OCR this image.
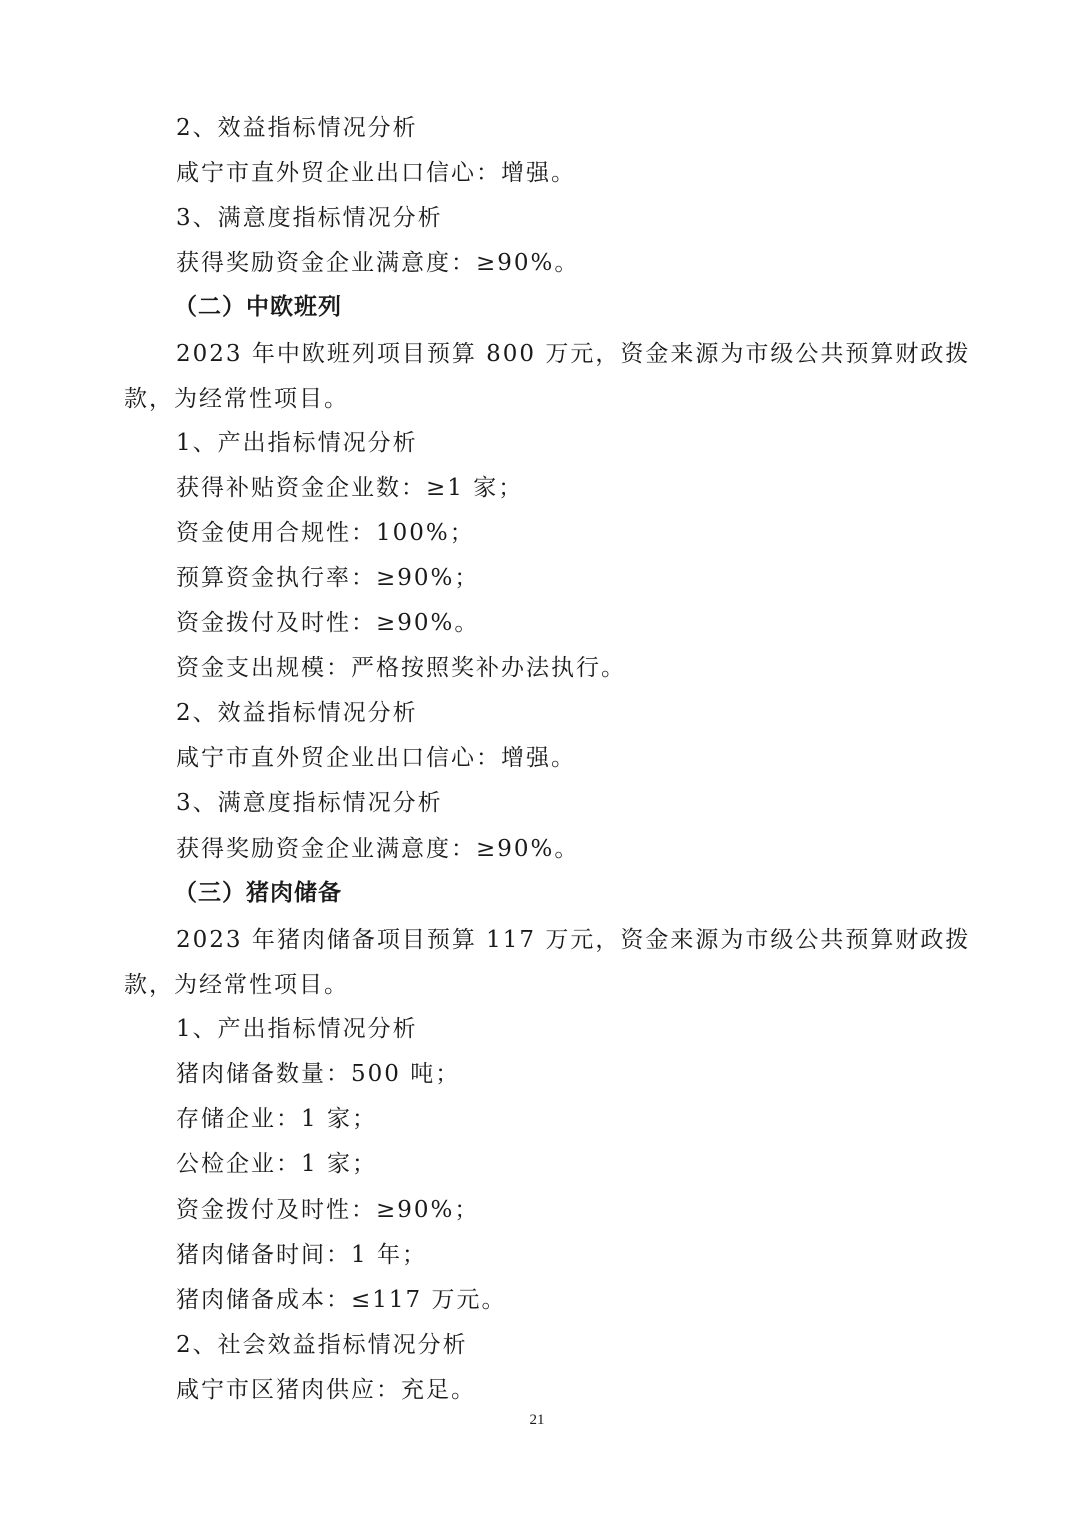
2、效益指标情况分析
咸宁市直外贸企业出口信心：增强。
3、满意度指标情况分析
获得奖励资金企业满意度：≥90%。
（二）中欧班列
2023 年中欧班列项目预算 800 万元，资金来源为市级公共预算财政拨
款，为经常性项目。
1、产出指标情况分析
获得补贴资金企业数：≥1 家；
资金使用合规性：100%；
预算资金执行率：≥90%；
资金拨付及时性：≥90%。
资金支出规模：严格按照奖补办法执行。
2、效益指标情况分析
咸宁市直外贸企业出口信心：增强。
3、满意度指标情况分析
获得奖励资金企业满意度：≥90%。
（三）猪肉储备
2023 年猪肉储备项目预算 117 万元，资金来源为市级公共预算财政拨
款，为经常性项目。
1、产出指标情况分析
猪肉储备数量：500 吨；
存储企业：1 家；
公检企业：1 家；
资金拨付及时性：≥90%；
猪肉储备时间：1 年；
猪肉储备成本：≤117 万元。
2、社会效益指标情况分析
咸宁市区猪肉供应：充足。
21
